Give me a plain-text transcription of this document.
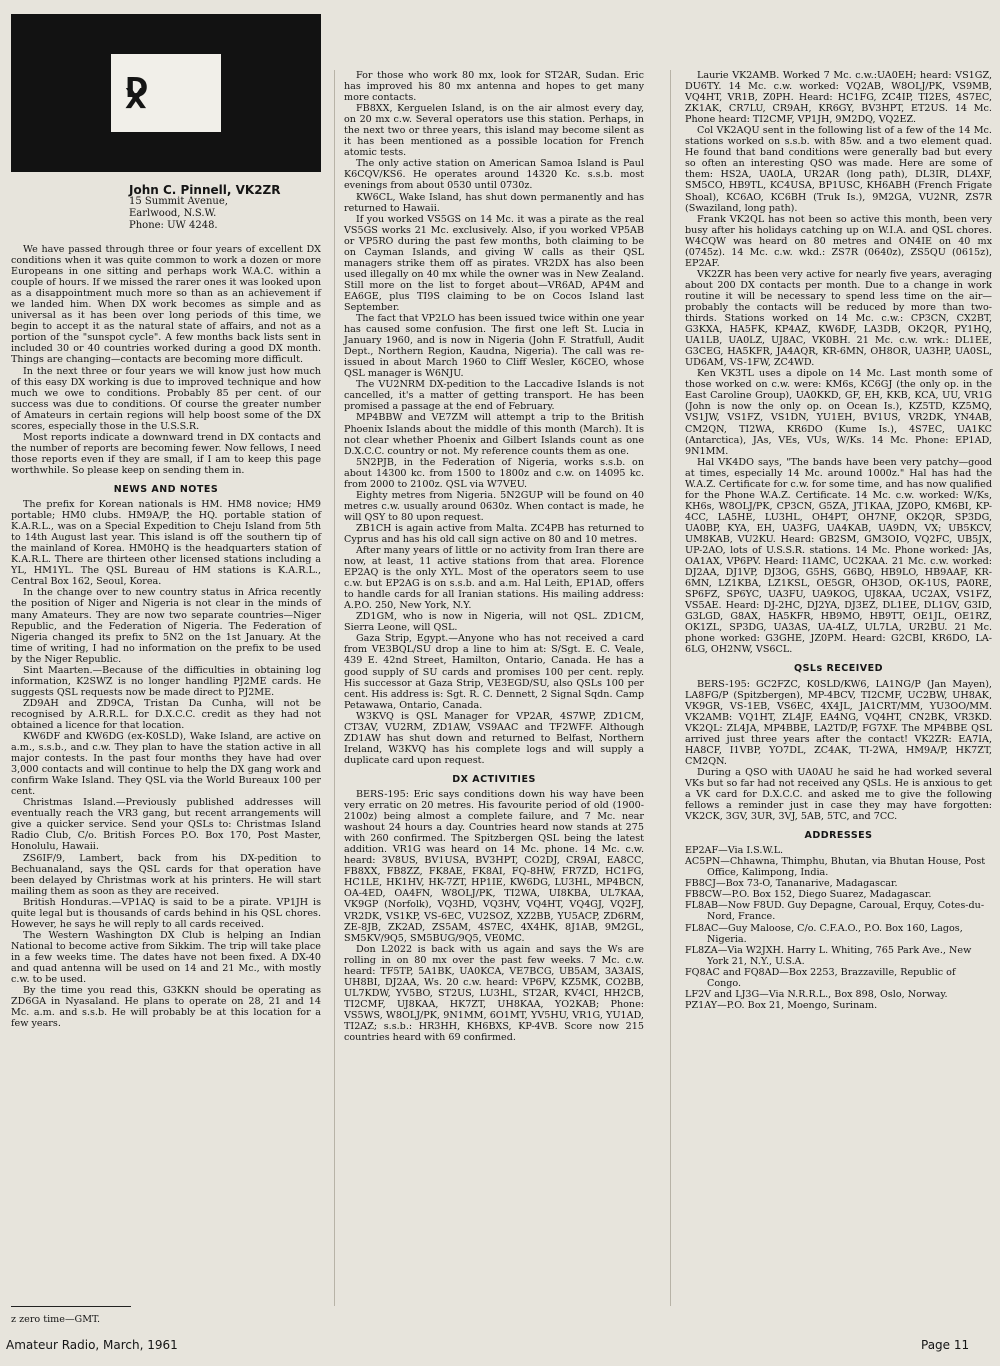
D X
John C. Pinnell, VK2ZR
15 Summit Avenue,
Earlwood, N.S.W.
Phone: UW 4248.

We have passed through three or four years of excellent DX conditions when it was quite common to work a dozen or more Europeans in one sitting and perhaps work W.A.C. within a couple of hours. If we missed the rarer ones it was looked upon as a disappointment much more so than as an achievement if we landed him. When DX work becomes as simple and as universal as it has been over long periods of this time, we begin to accept it as the natural state of affairs, and not as a portion of the "sunspot cycle". A few months back lists sent in included 30 or 40 countries worked during a good DX month. Things are changing—contacts are becoming more difficult.

In the next three or four years we will know just how much of this easy DX working is due to improved technique and how much we owe to conditions. Probably 85 per cent. of our success was due to conditions. Of course the greater number of Amateurs in certain regions will help boost some of the DX scores, especially those in the U.S.S.R.

Most reports indicate a downward trend in DX contacts and the number of reports are becoming fewer. Now fellows, I need those reports even if they are small, if I am to keep this page worthwhile. So please keep on sending them in.

NEWS AND NOTES

The prefix for Korean nationals is HM. HM8 novice; HM9 portable; HM0 clubs. HM9A/P, the HQ. portable station of K.A.R.L., was on a Special Expedition to Cheju Island from 5th to 14th August last year. This island is off the southern tip of the mainland of Korea. HM0HQ is the headquarters station of K.A.R.L. There are thirteen other licensed stations including a YL, HM1YL. The QSL Bureau of HM stations is K.A.R.L., Central Box 162, Seoul, Korea.

In the change over to new country status in Africa recently the position of Niger and Nigeria is not clear in the minds of many Amateurs. They are now two separate countries—Niger Republic, and the Federation of Nigeria. The Federation of Nigeria changed its prefix to 5N2 on the 1st January. At the time of writing, I had no information on the prefix to be used by the Niger Republic.

Sint Maarten.—Because of the difficulties in obtaining log information, K2SWZ is no longer handling PJ2ME cards. He suggests QSL requests now be made direct to PJ2ME.

ZD9AH and ZD9CA, Tristan Da Cunha, will not be recognised by A.R.R.L. for D.X.C.C. credit as they had not obtained a licence for that location.

KW6DF and KW6DG (ex-K0SLD), Wake Island, are active on a.m., s.s.b., and c.w. They plan to have the station active in all major contests. In the past four months they have had over 3,000 contacts and will continue to help the DX gang work and confirm Wake Island. They QSL via the World Bureaux 100 per cent.

Christmas Island.—Previously published addresses will eventually reach the VR3 gang, but recent arrangements will give a quicker service. Send your QSLs to: Christmas Island Radio Club, C/o. British Forces P.O. Box 170, Post Master, Honolulu, Hawaii.

ZS6IF/9, Lambert, back from his DX-pedition to Bechuanaland, says the QSL cards for that operation have been delayed by Christmas work at his printers. He will start mailing them as soon as they are received.

British Honduras.—VP1AQ is said to be a pirate. VP1JH is quite legal but is thousands of cards behind in his QSL chores. However, he says he will reply to all cards received.

The Western Washington DX Club is helping an Indian National to become active from Sikkim. The trip will take place in a few weeks time. The dates have not been fixed. A DX-40 and quad antenna will be used on 14 and 21 Mc., with mostly c.w. to be used.

By the time you read this, G3KKN should be operating as ZD6GA in Nyasaland. He plans to operate on 28, 21 and 14 Mc. a.m. and s.s.b. He will probably be at this location for a few years.

For those who work 80 mx, look for ST2AR, Sudan. Eric has improved his 80 mx antenna and hopes to get many more contacts.

FB8XX, Kerguelen Island, is on the air almost every day, on 20 mx c.w. Several operators use this station. Perhaps, in the next two or three years, this island may become silent as it has been mentioned as a possible location for French atomic tests.

The only active station on American Samoa Island is Paul K6CQV/KS6. He operates around 14320 Kc. s.s.b. most evenings from about 0530 until 0730z.

KW6CL, Wake Island, has shut down permanently and has returned to Hawaii.

If you worked VS5GS on 14 Mc. it was a pirate as the real VS5GS works 21 Mc. exclusively. Also, if you worked VP5AB or VP5RO during the past few months, both claiming to be on Cayman Islands, and giving W calls as their QSL managers strike them off as pirates. VR2DX has also been used illegally on 40 mx while the owner was in New Zealand. Still more on the list to forget about—VR6AD, AP4M and EA6GE, plus TI9S claiming to be on Cocos Island last September.

The fact that VP2LO has been issued twice within one year has caused some confusion. The first one left St. Lucia in January 1960, and is now in Nigeria (John F. Stratfull, Audit Dept., Northern Region, Kaudna, Nigeria). The call was re-issued in about March 1960 to Cliff Wesler, K6CEO, whose QSL manager is W6NJU.

The VU2NRM DX-pedition to the Laccadive Islands is not cancelled, it's a matter of getting transport. He has been promised a passage at the end of February.

MP4BBW and VE7ZM will attempt a trip to the British Phoenix Islands about the middle of this month (March). It is not clear whether Phoenix and Gilbert Islands count as one D.X.C.C. country or not. My reference counts them as one.

5N2PJB, in the Federation of Nigeria, works s.s.b. on about 14300 kc. from 1500 to 1800z and c.w. on 14095 kc. from 2000 to 2100z. QSL via W7VEU.

Eighty metres from Nigeria. 5N2GUP will be found on 40 metres c.w. usually around 0630z. When contact is made, he will QSY to 80 upon request.

ZB1CH is again active from Malta. ZC4PB has returned to Cyprus and has his old call sign active on 80 and 10 metres.

After many years of little or no activity from Iran there are now, at least, 11 active stations from that area. Florence EP2AQ is the only XYL. Most of the operators seem to use c.w. but EP2AG is on s.s.b. and a.m. Hal Leith, EP1AD, offers to handle cards for all Iranian stations. His mailing address: A.P.O. 250, New York, N.Y.

ZD1GM, who is now in Nigeria, will not QSL. ZD1CM, Sierra Leone, will QSL.

Gaza Strip, Egypt.—Anyone who has not received a card from VE3BQL/SU drop a line to him at: S/Sgt. E. C. Veale, 439 E. 42nd Street, Hamilton, Ontario, Canada. He has a good supply of SU cards and promises 100 per cent. reply. His successor at Gaza Strip, VE3EGD/SU, also QSLs 100 per cent. His address is: Sgt. R. C. Dennett, 2 Signal Sqdn. Camp Petawawa, Ontario, Canada.

W3KVQ is QSL Manager for VP2AR, 4S7WP, ZD1CM, CT3AV, VU2RM, ZD1AW, VS9AAC and TF2WFF. Although ZD1AW has shut down and returned to Belfast, Northern Ireland, W3KVQ has his complete logs and will supply a duplicate card upon request.

DX ACTIVITIES

BERS-195: Eric says conditions down his way have been very erratic on 20 metres. His favourite period of old (1900-2100z) being almost a complete failure, and 7 Mc. near washout 24 hours a day. Countries heard now stands at 275 with 260 confirmed. The Spitzbergen QSL being the latest addition. VR1G was heard on 14 Mc. phone. 14 Mc. c.w. heard: 3V8US, BV1USA, BV3HPT, CO2DJ, CR9AI, EA8CC, FB8XX, FB8ZZ, FK8AE, FK8AI, FQ-8HW, FR7ZD, HC1FG, HC1LE, HK1HV, HK-7ZT, HP1IE, KW6DG, LU3HL, MP4BCN, OA-4ED, OA4FN, W8OLJ/PK, TI2WA, UI8KBA, UL7KAA, VK9GP (Norfolk), VQ3HD, VQ3HV, VQ4HT, VQ4GJ, VQ2FJ, VR2DK, VS1KP, VS-6EC, VU2SOZ, XZ2BB, YU5ACP, ZD6RM, ZE-8JB, ZK2AD, ZS5AM, 4S7EC, 4X4HK, 8J1AB, 9M2GL, SM5KV/9Q5, SM5BUG/9Q5, VE0MC.

Don L2022 is back with us again and says the Ws are rolling in on 80 mx over the past few weeks. 7 Mc. c.w. heard: TF5TP, 5A1BK, UA0KCA, VE7BCG, UB5AM, 3A3AIS, UH8BI, DJ2AA, Ws. 20 c.w. heard: VP6PV, KZ5MK, CO2BB, UL7KDW, YV5BO, ST2US, LU3HL, ST2AR, KV4CI, HH2CB, TI2CMF, UJ8KAA, HK7ZT, UH8KAA, YO2KAB; Phone: VS5WS, W8OLJ/PK, 9N1MM, 6O1MT, YV5HU, VR1G, YU1AD, TI2AZ; s.s.b.: HR3HH, KH6BXS, KP-4VB. Score now 215 countries heard with 69 confirmed.

Laurie VK2AMB. Worked 7 Mc. c.w.:UA0EH; heard: VS1GZ, DU6TY. 14 Mc. c.w. worked: VQ2AB, W8OLJ/PK, VS9MB, VQ4HT, VR1B, Z0PH. Heard: HC1FG, ZC4IP, TI2ES, 4S7EC, ZK1AK, CR7LU, CR9AH, KR6GY, BV3HPT, ET2US. 14 Mc. Phone heard: TI2CMF, VP1JH, 9M2DQ, VQ2EZ.

Col VK2AQU sent in the following list of a few of the 14 Mc. stations worked on s.s.b. with 85w. and a two element quad. He found that band conditions were generally bad but every so often an interesting QSO was made. Here are some of them: HS2A, UA0LA, UR2AR (long path), DL3IR, DL4XF, SM5CO, HB9TL, KC4USA, BP1USC, KH6ABH (French Frigate Shoal), KC6AO, KC6BH (Truk Is.), 9M2GA, VU2NR, ZS7R (Swaziland, long path).

Frank VK2QL has not been so active this month, been very busy after his holidays catching up on W.I.A. and QSL chores. W4CQW was heard on 80 metres and ON4IE on 40 mx (0745z). 14 Mc. c.w. wkd.: ZS7R (0640z), ZS5QU (0615z), EP2AF.

VK2ZR has been very active for nearly five years, averaging about 200 DX contacts per month. Due to a change in work routine it will be necessary to spend less time on the air—probably the contacts will be reduced by more than two-thirds. Stations worked on 14 Mc. c.w.: CP3CN, CX2BT, G3KXA, HA5FK, KP4AZ, KW6DF, LA3DB, OK2QR, PY1HQ, UA1LB, UA0LZ, UJ8AC, VK0BH. 21 Mc. c.w. wrk.: DL1EE, G3CEG, HA5KFR, JA4AQR, KR-6MN, OH8OR, UA3HP, UA0SL, UD6AM, VS-1FW, ZC4WD.

Ken VK3TL uses a dipole on 14 Mc. Last month some of those worked on c.w. were: KM6s, KC6GJ (the only op. in the East Caroline Group), UA0KKD, GF, EH, KKB, KCA, UU, VR1G (John is now the only op. on Ocean Is.), KZ5TD, KZ5MQ, VS1JW, VS1FZ, VS1DN, YU1EH, BV1US, VR2DK, YN4AB, CM2QN, TI2WA, KR6DO (Kume Is.), 4S7EC, UA1KC (Antarctica), JAs, VEs, VUs, W/Ks. 14 Mc. Phone: EP1AD, 9N1MM.

Hal VK4DO says, "The bands have been very patchy—good at times, especially 14 Mc. around 1000z." Hal has had the W.A.Z. Certificate for c.w. for some time, and has now qualified for the Phone W.A.Z. Certificate. 14 Mc. c.w. worked: W/Ks, KH6s, W8OLJ/PK, CP3CN, G5ZA, JT1KAA, JZ0PO, KM6BI, KP-4CC, LA5HE, LU3HL, OH4PT, OH7NF, OK2QR, SP3DG, UA0BP, KYA, EH, UA3FG, UA4KAB, UA9DN, VX; UB5KCV, UM8KAB, VU2KU. Heard: GB2SM, GM3OIO, VQ2FC, UB5JX, UP-2AO, lots of U.S.S.R. stations. 14 Mc. Phone worked: JAs, OA1AX, VP6PV. Heard: I1AMC, UC2KAA. 21 Mc. c.w. worked: DJ2AA, DJ1VP, DJ3OG, G5HS, G6BQ, HB9LO, HB9AAF, KR-6MN, LZ1KBA, LZ1KSL, OE5GR, OH3OD, OK-1US, PA0RE, SP6FZ, SP6YC, UA3FU, UA9KOG, UJ8KAA, UC2AX, VS1FZ, VS5AE. Heard: DJ-2HC, DJ2YA, DJ3EZ, DL1EE, DL1GV, G3ID, G3LGD, G8AX, HA5KFR, HB9MO, HB9TT, OE1JL, OE1RZ, OK1ZL, SP3DG, UA3AS, UA-4LZ, UL7LA, UR2BU. 21 Mc. phone worked: G3GHE, JZ0PM. Heard: G2CBI, KR6DO, LA-6LG, OH2NW, VS6CL.

QSLs RECEIVED

BERS-195: GC2FZC, K0SLD/KW6, LA1NG/P (Jan Mayen), LA8FG/P (Spitzbergen), MP-4BCV, TI2CMF, UC2BW, UH8AK, VK9GR, VS-1EB, VS6EC, 4X4JL, JA1CRT/MM, YU3OO/MM. VK2AMB: VQ1HT, ZL4JF, EA4NG, VQ4HT, CN2BK, VR3KD. VK2QL: ZL4JA, MP4BBE, LA2TD/P, FG7XF. The MP4BBE QSL arrived just three years after the contact! VK2ZR: EA7IA, HA8CF, I1VBP, YO7DL, ZC4AK, TI-2WA, HM9A/P, HK7ZT, CM2QN.

During a QSO with UA0AU he said he had worked several VKs but so far had not received any QSLs. He is anxious to get a VK card for D.X.C.C. and asked me to give the following fellows a reminder just in case they may have forgotten: VK2CK, 3GV, 3UR, 3VJ, 5AB, 5TC, and 7CC.

ADDRESSES

EP2AF—Via I.S.W.L.

AC5PN—Chhawna, Thimphu, Bhutan, via Bhutan House, Post Office, Kalimpong, India.

FB8CJ—Box 73-O, Tananarive, Madagascar.

FB8CW—P.O. Box 152, Diego Suarez, Madagascar.

FL8AB—Now F8UD. Guy Depagne, Caroual, Erquy, Cotes-du-Nord, France.

FL8AC—Guy Maloose, C/o. C.F.A.O., P.O. Box 160, Lagos, Nigeria.

FL8ZA—Via W2JXH. Harry L. Whiting, 765 Park Ave., New York 21, N.Y., U.S.A.

FQ8AC and FQ8AD—Box 2253, Brazzaville, Republic of Congo.

LF2V and LJ3G—Via N.R.R.L., Box 898, Oslo, Norway.

PZ1AY—P.O. Box 21, Moengo, Surinam.

z zero time—GMT.
Amateur Radio, March, 1961	Page 11
